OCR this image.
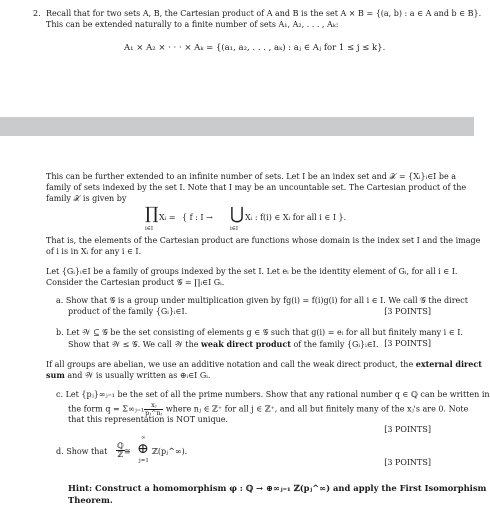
2. Recall that for two sets A, B, the Cartesian product of A and B is the set A × B = {(a, b) : a ∈ A and b ∈ B}.
This can be extended naturally to a finite number of sets A₁, A₂, . . . , Aₖ:
A₁ × A₂ × · · · × Aₖ = {(a₁, a₂, . . . , aₖ) : aⱼ ∈ Aⱼ for 1 ≤ j ≤ k}.
This can be further extended to an infinite number of sets. Let I be an index set and 𝒳 = {Xᵢ}ᵢ∈I be a
family of sets indexed by the set I. Note that I may be an uncountable set. The Cartesian product of the
family 𝒳 is given by
∏
i∈I
Xᵢ = { f : I → ⋃
i∈I
Xᵢ : f(i) ∈ Xᵢ for all i ∈ I }.
That is, the elements of the Cartesian product are functions whose domain is the index set I and the image
of i is in Xᵢ for any i ∈ I.
Let {Gᵢ}ᵢ∈I be a family of groups indexed by the set I. Let eᵢ be the identity element of Gᵢ, for all i ∈ I.
Consider the Cartesian product 𝒢 = ∏ᵢ∈I Gᵢ.
a. Show that 𝒢 is a group under multiplication given by fg(i) = f(i)g(i) for all i ∈ I. We call 𝒢 the direct
product of the family {Gᵢ}ᵢ∈I.	[3 POINTS]
b. Let 𝒲 ⊆ 𝒢 be the set consisting of elements g ∈ 𝒢 such that g(i) = eᵢ for all but finitely many i ∈ I.
Show that 𝒲 ≤ 𝒢. We call 𝒲 the weak direct product of the family {Gᵢ}ᵢ∈I. [3 POINTS]
If all groups are abelian, we use an additive notation and call the weak direct product, the external direct
sum and 𝒲 is usually written as ⊕ᵢ∈I Gᵢ.
c. Let {pⱼ}∞ⱼ₌₁ be the set of all the prime numbers. Show that any rational number q ∈ ℚ can be written in
the form q = Σ∞ⱼ₌₁ $\frac{\text{xⱼ}}{\text{pⱼ\textasciicircum{}nⱼ}}$ where nⱼ ∈ ℤ⁺ for all j ∈ ℤ⁺, and all but finitely many of the xⱼ's are 0. Note
that this representation is NOT unique.
[3 POINTS]
d. Show that
ℚ
ℤ ≅
∞
⊕
j=1
ℤ(pⱼ^∞).
[3 POINTS]
Hint: Construct a homomorphism φ : ℚ → ⊕∞ⱼ₌₁ ℤ(pⱼ^∞) and apply the First Isomorphism
Theorem.
